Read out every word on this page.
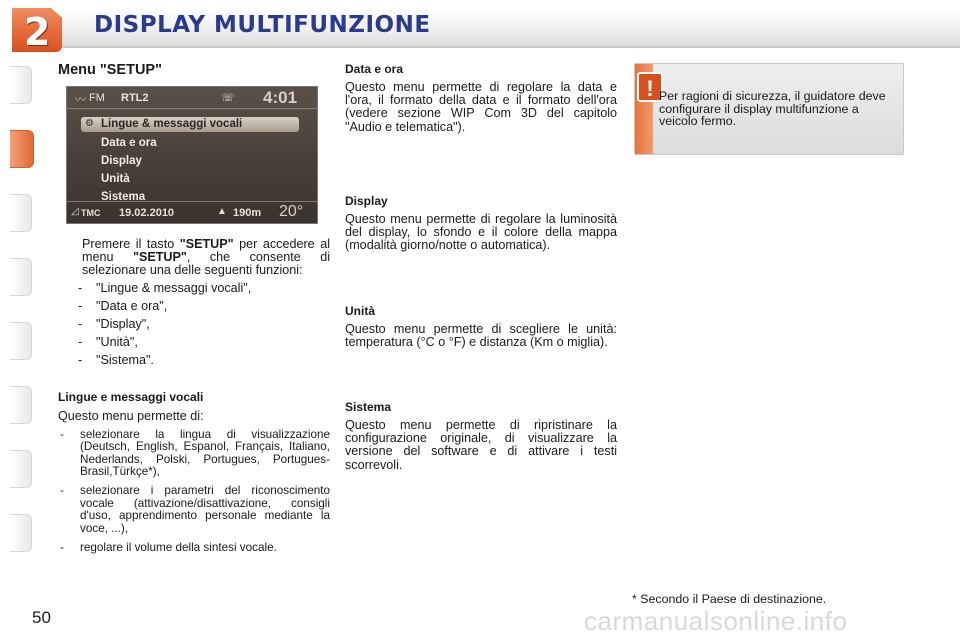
2 DISPLAY MULTIFUNZIONE
Menu "SETUP"
〰 FM RTL2	☏ 4:01
⚙ Lingue & messaggi vocali
Data e ora
Display
Unità
Sistema
◿ TMC 19.02.2010	▲ 190m 20°

Premere il tasto "SETUP" per accedere al menu "SETUP", che consente di selezionare una delle seguenti funzioni:

- "Lingue & messaggi vocali",
- "Data e ora",
- "Display",
- "Unità",
- "Sistema".
Lingue e messaggi vocali

Questo menu permette di:

- selezionare la lingua di visualizzazione (Deutsch, English, Espanol, Français, Italiano, Nederlands, Polski, Portugues, Portugues-Brasil,Türkçe*),
- selezionare i parametri del riconoscimento vocale (attivazione/disattivazione, consigli d'uso, apprendimento personale mediante la voce, ...),
- regolare il volume della sintesi vocale.
Data e ora

Questo menu permette di regolare la data e l'ora, il formato della data e il formato dell'ora (vedere sezione WIP Com 3D del capitolo "Audio e telematica").

Display

Questo menu permette di regolare la luminosità del display, lo sfondo e il colore della mappa (modalità giorno/notte o automatica).

Unità

Questo menu permette di scegliere le unità: temperatura (°C o °F) e distanza (Km o miglia).

Sistema

Questo menu permette di ripristinare la configurazione originale, di visualizzare la versione del software e di attivare i testi scorrevoli.

! Per ragioni di sicurezza, il guidatore deve configurare il display multifunzione a veicolo fermo.
* Secondo il Paese di destinazione.
50	carmanualsonline.info
